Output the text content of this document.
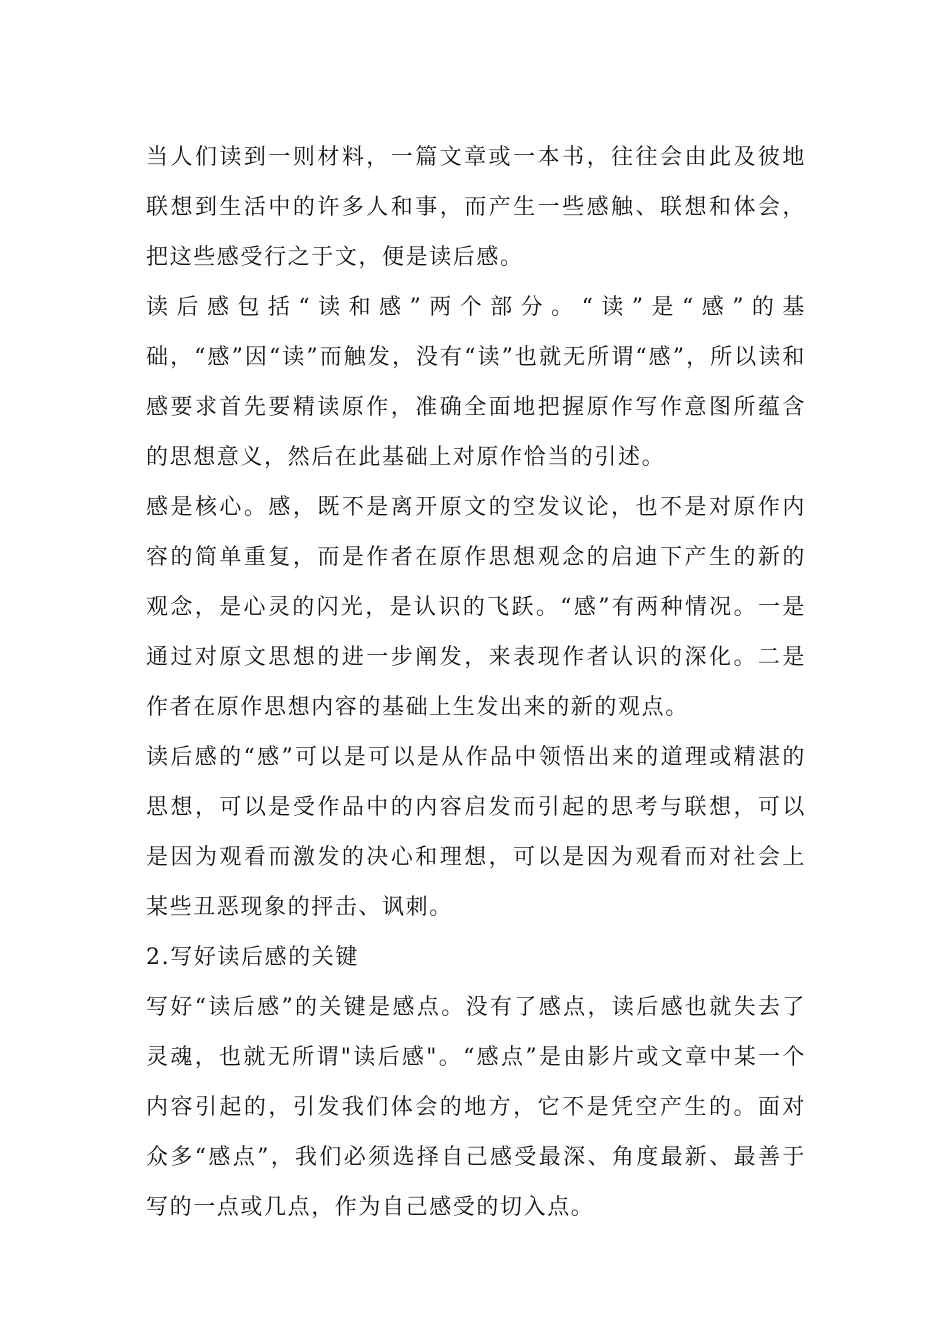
当人们读到一则材料，一篇文章或一本书，往往会由此及彼地联想到生活中的许多人和事，而产生一些感触、联想和体会，把这些感受行之于文，便是读后感。

读后感包括“读和感”两个部分。“读”是“感”的基础，“感”因“读”而触发，没有“读”也就无所谓“感”，所以读和感要求首先要精读原作，准确全面地把握原作写作意图所蕴含的思想意义，然后在此基础上对原作恰当的引述。

感是核心。感，既不是离开原文的空发议论，也不是对原作内容的简单重复，而是作者在原作思想观念的启迪下产生的新的观念，是心灵的闪光，是认识的飞跃。“感”有两种情况。一是通过对原文思想的进一步阐发，来表现作者认识的深化。二是作者在原作思想内容的基础上生发出来的新的观点。

读后感的“感”可以是可以是从作品中领悟出来的道理或精湛的思想，可以是受作品中的内容启发而引起的思考与联想，可以是因为观看而激发的决心和理想，可以是因为观看而对社会上某些丑恶现象的抨击、讽刺。

2.写好读后感的关键

写好“读后感”的关键是感点。没有了感点，读后感也就失去了灵魂，也就无所谓"读后感"。“感点”是由影片或文章中某一个内容引起的，引发我们体会的地方，它不是凭空产生的。面对众多“感点”，我们必须选择自己感受最深、角度最新、最善于写的一点或几点，作为自己感受的切入点。
